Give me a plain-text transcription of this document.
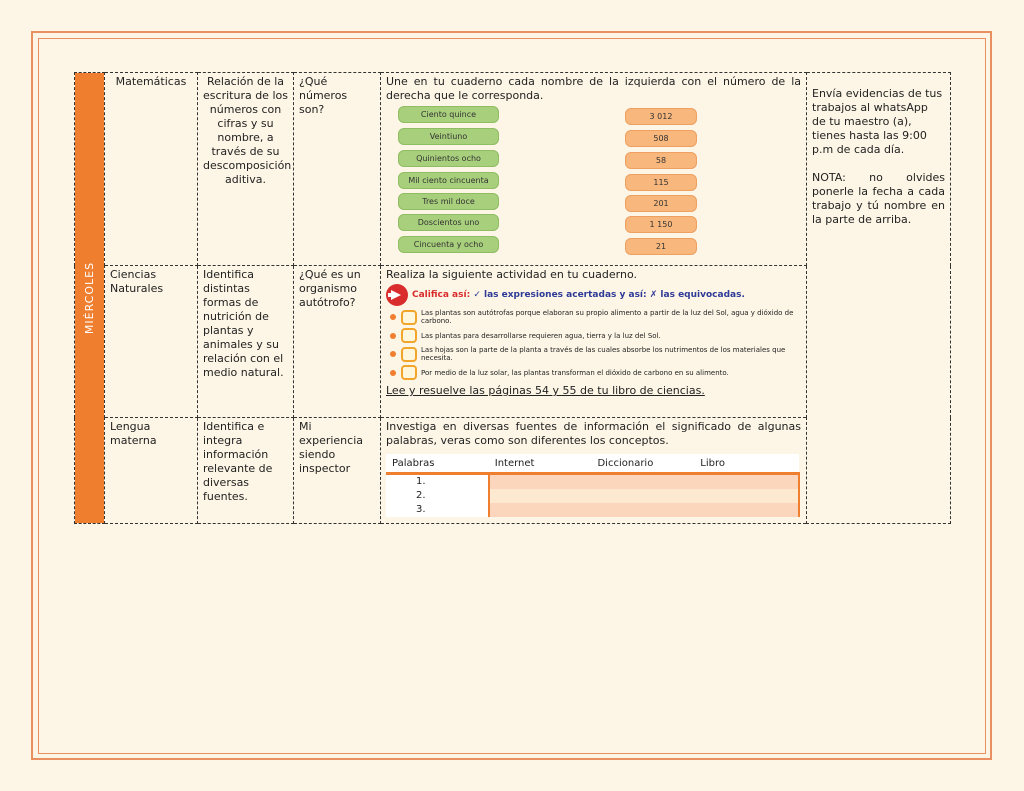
MIÉRCOLES
	Matemáticas	Relación de la escritura de los números con cifras y su nombre, a través de su descomposición aditiva.	¿Qué números son?	
Une en tu cuaderno cada nombre de la izquierda con el número de la derecha que le corresponda.
Ciento quince
Veintiuno
Quinientos ocho
Mil ciento cincuenta
Tres mil doce
Doscientos uno
Cincuenta y ocho
3 012
508
58
115
201
1 150
21

Envía evidencias de tus trabajos al whatsApp de tu maestro (a), tienes hasta las 9:00 p.m de cada día.
NOTA: no olvides ponerle la fecha a cada trabajo y tú nombre en la parte de arriba.

Ciencias Naturales	Identifica distintas formas de nutrición de plantas y animales y su relación con el medio natural.	¿Qué es un organismo autótrofo?	
Realiza la siguiente actividad en tu cuaderno.
Califica así: ✓ las expresiones acertadas y así: ✗ las equivocadas.
Las plantas son autótrofas porque elaboran su propio alimento a partir de la luz del Sol, agua y dióxido de carbono.
Las plantas para desarrollarse requieren agua, tierra y la luz del Sol.
Las hojas son la parte de la planta a través de las cuales absorbe los nutrimentos de los materiales que necesita.
Por medio de la luz solar, las plantas transforman el dióxido de carbono en su alimento.
Lee y resuelve las páginas 54 y 55 de tu libro de ciencias.

Lengua materna	Identifica e integra información relevante de diversas fuentes.	Mi experiencia siendo inspector	
Investiga en diversas fuentes de información el significado de algunas palabras, veras como son diferentes los conceptos.
Palabras	Internet	Diccionario	Libro
1.	
2.	
3.	
